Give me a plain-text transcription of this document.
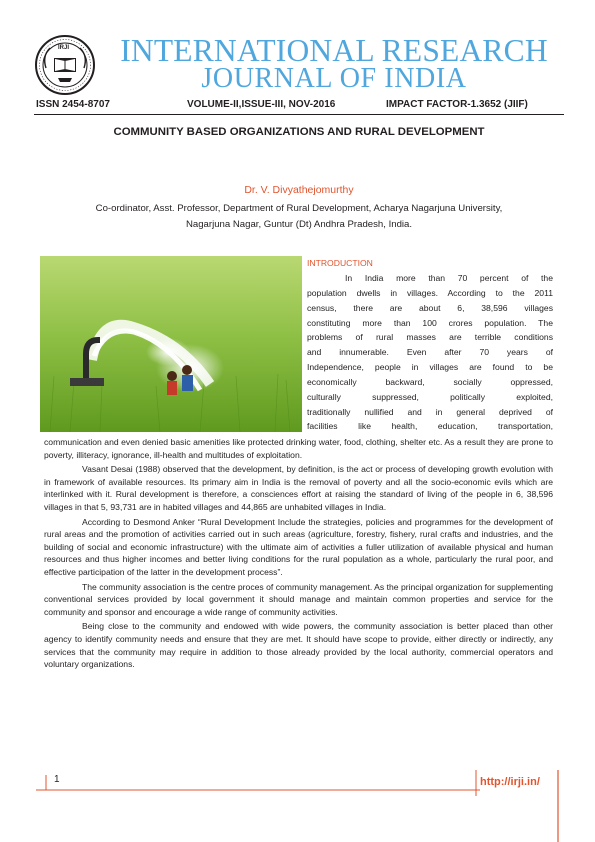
IRJI	INTERNATIONAL RESEARCH
JOURNAL OF INDIA
ISSN 2454-8707	VOLUME-II,ISSUE-III, NOV-2016	IMPACT FACTOR-1.3652 (JIIF)
COMMUNITY BASED ORGANIZATIONS AND RURAL DEVELOPMENT
Dr. V. Divyathejomurthy
Co-ordinator, Asst. Professor, Department of Rural Development, Acharya Nagarjuna University,
Nagarjuna Nagar, Guntur (Dt) Andhra Pradesh, India.
INTRODUCTION
In India more than 70 percent of the
population dwells in villages. According to the 2011
census, there are about 6, 38,596 villages
constituting more than 100 crores population. The
problems of rural masses are terrible conditions
and innumerable. Even after 70 years of
Independence, people in villages are found to be
economically backward, socially oppressed,
culturally suppressed, politically exploited,
traditionally nullified and in general deprived of
facilities like health, education, transportation,

communication and even denied basic amenities like protected drinking water, food, clothing, shelter etc. As a result they are prone to poverty, illiteracy, ignorance, ill-health and multitudes of exploitation.

Vasant Desai (1988) observed that the development, by definition, is the act or process of developing growth evolution with in framework of available resources. Its primary aim in India is the removal of poverty and all the socio-economic evils which are interlinked with it. Rural development is therefore, a consciences effort at raising the standard of living of the people in 6, 38,596 villages in that 5, 93,731 are in habited villages and 44,865 are unhabited villages in India.

According to Desmond Anker “Rural Development Include the strategies, policies and programmes for the development of rural areas and the promotion of activities carried out in such areas (agriculture, forestry, fishery, rural crafts and industries, and the building of social and economic infrastructure) with the ultimate aim of activities a fuller utilization of available physical and human resources and thus higher incomes and better living conditions for the rural population as a whole, particularly the rural poor, and effective participation of the latter in the development process”.

The community association is the centre proces of community management. As the principal organization for supplementing conventional services provided by local government it should manage and maintain common properties and service for the community and sponsor and encourage a wide range of community activities.

Being close to the community and endowed with wide powers, the community association is better placed than other agency to identify community needs and ensure that they are met. It should have scope to provide, either directly or indirectly, any services that the community may require in addition to those already provided by the local authority, commercial operators and voluntary organizations.

1	http://irji.in/
